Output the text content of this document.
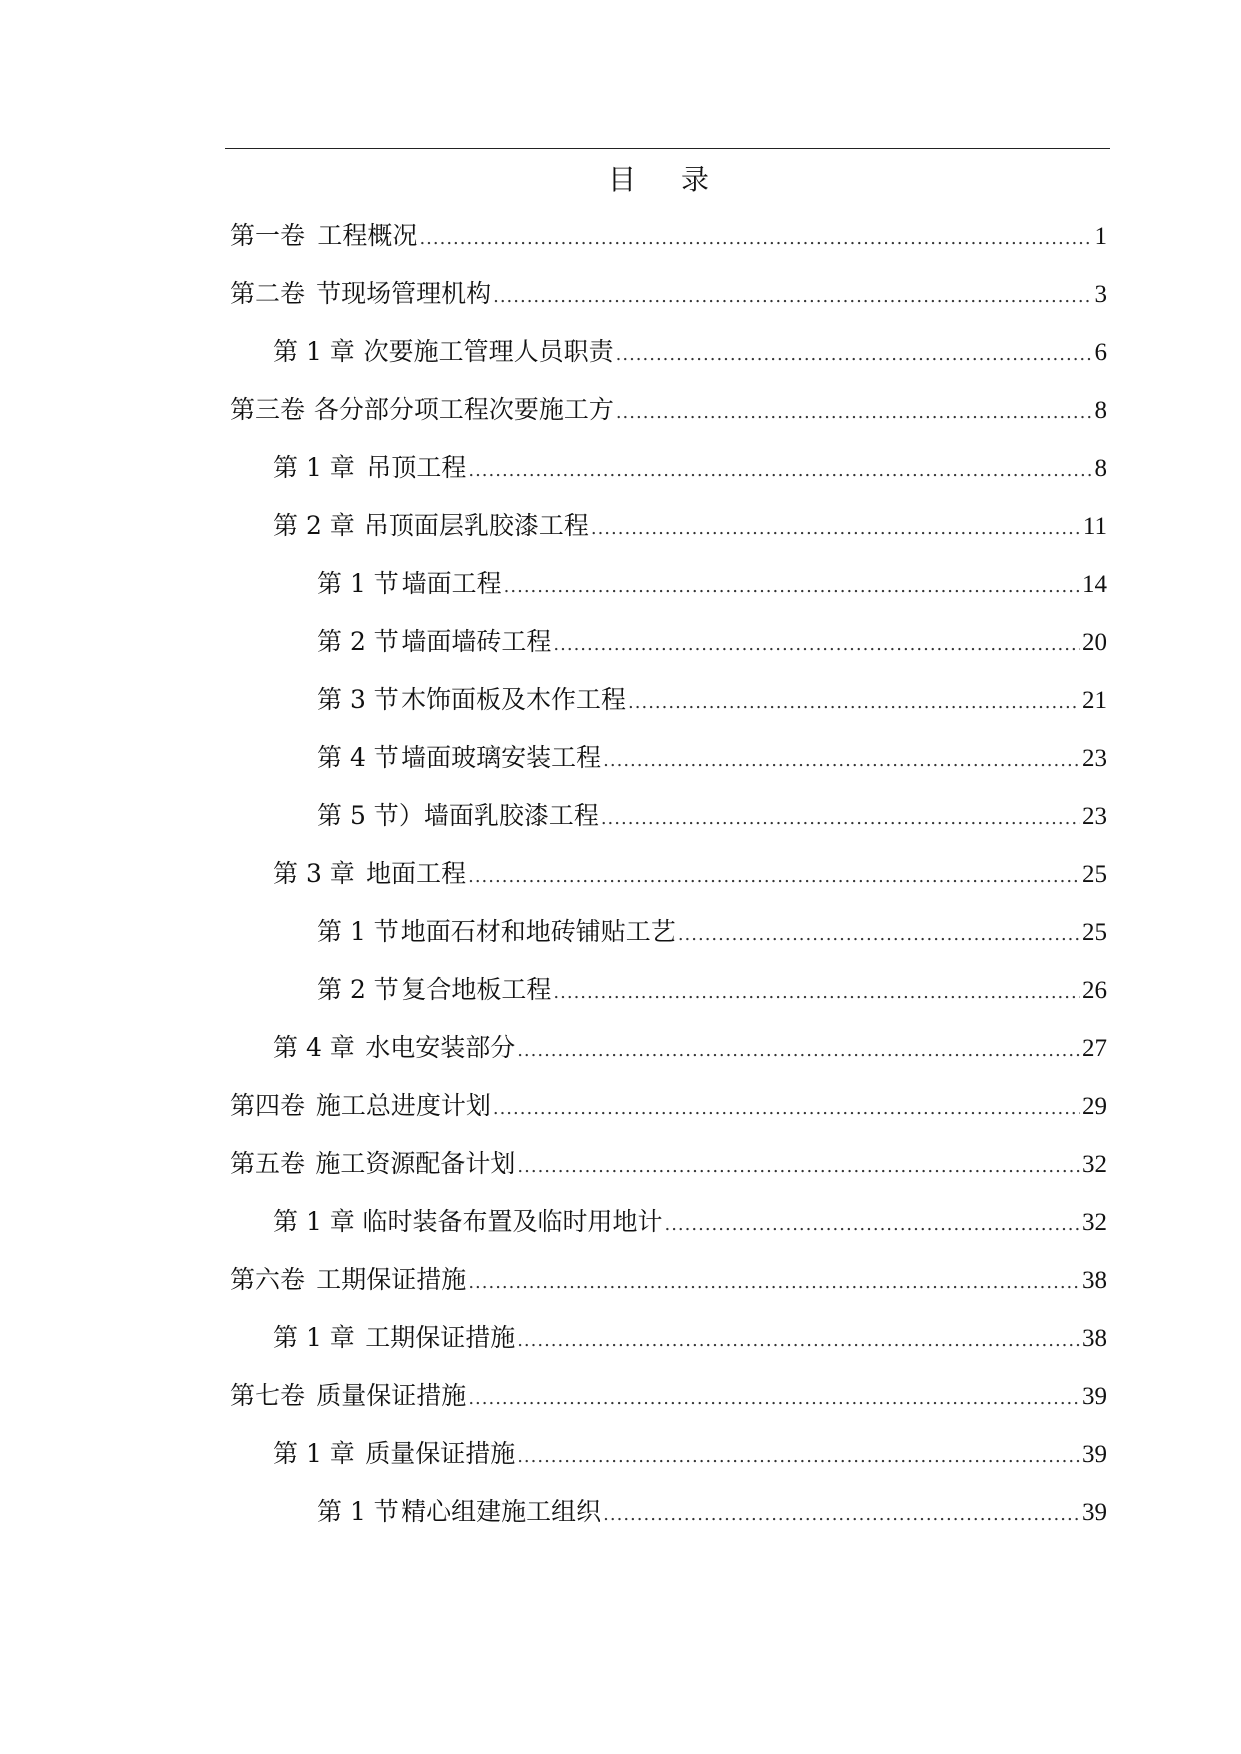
目 录
第一卷 工程概况 .....	1
第二卷 节现场管理机构 .....	3
第 1 章 次要施工管理人员职责 .....	6
第三卷 各分部分项工程次要施工方 .....	8
第 1 章 吊顶工程 .....	8
第 2 章 吊顶面层乳胶漆工程 .....	11
第 1 节 墙面工程 .....	14
第 2 节 墙面墙砖工程 .....	20
第 3 节 木饰面板及木作工程 .....	21
第 4 节 墙面玻璃安装工程 .....	23
第 5 节 ）墙面乳胶漆工程 .....	23
第 3 章 地面工程 .....	25
第 1 节 地面石材和地砖铺贴工艺 .....	25
第 2 节 复合地板工程 .....	26
第 4 章 水电安装部分 .....	27
第四卷 施工总进度计划 .....	29
第五卷 施工资源配备计划 .....	32
第 1 章 临时装备布置及临时用地计 .....	32
第六卷 工期保证措施 .....	38
第 1 章 工期保证措施 .....	38
第七卷 质量保证措施 .....	39
第 1 章 质量保证措施 .....	39
第 1 节 精心组建施工组织 .....	39
